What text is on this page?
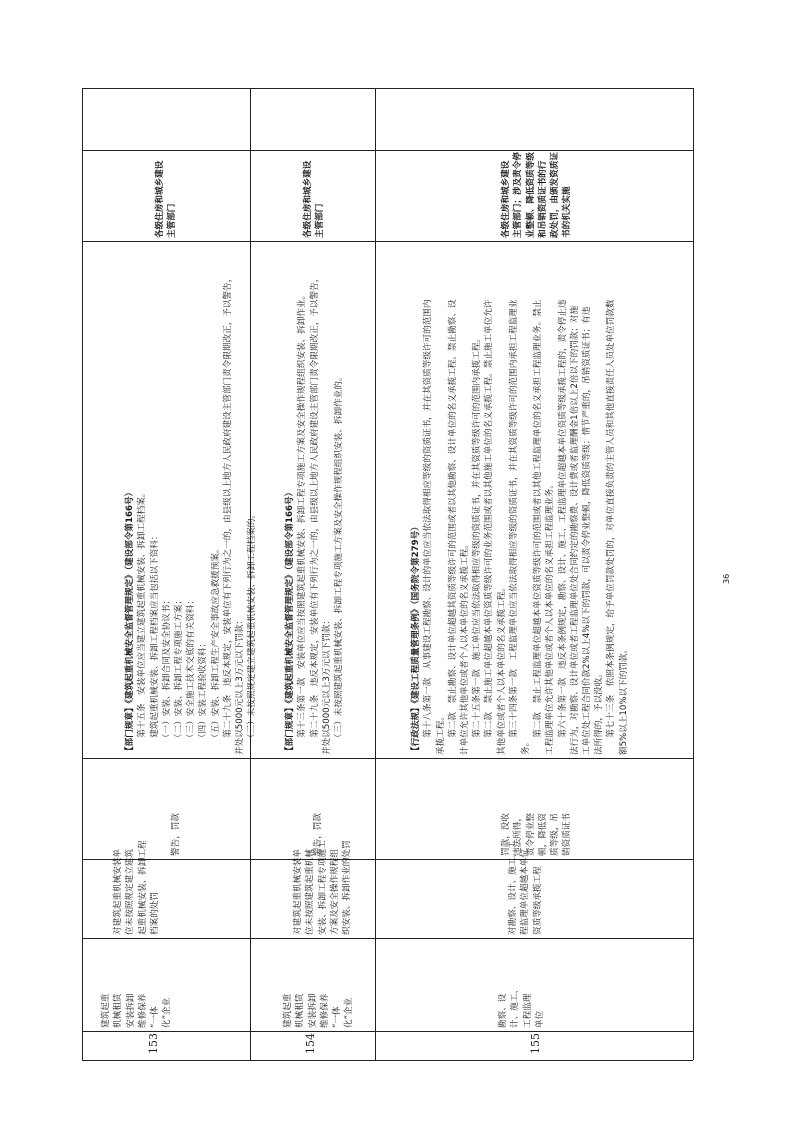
153

建筑起重 机械租赁 安装拆卸 维修保养 “一体 化”企业

对建筑起重机械安装单 位未按照规定建立建筑 起重机械安装、拆卸工程 档案的处罚

警告，罚款

【部门规章】《建筑起重机械安全监督管理规定》（建设部令第166号） 　　第十五条　安装单位应当建立建筑起重机械安装、拆卸工程档案。 　　建筑起重机械安装、拆卸工程档案应当包括以下资料： 　　（一）安装、拆卸合同及安全协议书； 　　（二）安装、拆卸工程专项施工方案； 　　（三）安全施工技术交底的有关资料； 　　（四）安装工程验收资料； 　　（五）安装、拆卸工程生产安全事故应急救援预案。 　　第二十九条　违反本规定，安装单位有下列行为之一的，由县级以上地方人民政府建设主管部门责令限期改正，予以警告， 并处以5000元以上3万元以下罚款： 　　（三）未按照规定建立建筑起重机械安装、拆卸工程档案的。

各级住房和城乡建设 主管部门

154

建筑起重 机械租赁 安装拆卸 维修保养 “一体 化”企业

对建筑起重机械安装单 位未按照建筑起重机械 安装、拆卸工程专项施工 方案及安全操作规程组 织安装、拆卸作业的处罚

警告，罚款

【部门规章】《建筑起重机械安全监督管理规定》（建设部令第166号） 　　第十三条第一款　安装单位应当按照建筑起重机械安装、拆卸工程专项施工方案及安全操作规程组织安装、拆卸作业。 　　第二十九条　违反本规定，安装单位有下列行为之一的，由县级以上地方人民政府建设主管部门责令限期改正，予以警告， 并处以5000元以上3万元以下罚款： 　　（三）未按照建筑起重机械安装、拆卸工程专项施工方案及安全操作规程组织安装、拆卸作业的。

各级住房和城乡建设 主管部门

155

勘察、设 计、施工、 工程监理 单位

对勘察、设计、施工、工 程监理单位超越本单位 资质等级承揽工程

罚款，没收 违法所得， 责令停业整 顿，降低资 质等级，吊 销资质证书

【行政法规】《建设工程质量管理条例》（国务院令第279号） 　　第十八条第一款　从事建设工程勘察、设计的单位应当依法取得相应等级的资质证书，并在其资质等级许可的范围内 承揽工程。 　　第二款　禁止勘察、设计单位超越其资质等级许可的范围或者以其他勘察、设计单位的名义承揽工程。禁止勘察、设 计单位允许其他单位或者个人以本单位的名义承揽工程。 　　第二十五条第一款　施工单位应当依法取得相应等级的资质证书，并在其资质等级许可的范围内承揽工程。 　　第二款　禁止施工单位超越本单位资质等级许可的业务范围或者以其他施工单位的名义承揽工程。禁止施工单位允许 其他单位或者个人以本单位的名义承揽工程。 　　第三十四条第一款　工程监理单位应当依法取得相应等级的资质证书，并在其资质等级许可的范围内承担工程监理业 务。 　　第二款　禁止工程监理单位超越本单位资质等级许可的范围或者以其他工程监理单位的名义承担工程监理业务。禁止 工程监理单位允许其他单位或者个人以本单位的名义承担工程监理业务。 　　第六十条第一款　违反本条例规定，勘察、设计、施工、工程监理单位超越本单位资质等级承揽工程的，责令停止违 法行为，对勘察、设计单位或者工程监理单位处合同约定的勘察费、设计费或者监理酬金1倍以上2倍以下的罚款；对施 工单位处工程合同价款2%以上4%以下的罚款，可以责令停业整顿，降低资质等级；情节严重的，吊销资质证书；有违 法所得的，予以没收。 　　第七十三条　依照本条例规定，给予单位罚款处罚的，对单位直接负责的主管人员和其他直接责任人员处单位罚款数 额5%以上10%以下的罚款。

各级住房和城乡建设 主管部门；涉及责令停 业整顿、降低资质等级 和吊销资质证书的行 政处罚，由颁发资质证 书的机关实施

36
